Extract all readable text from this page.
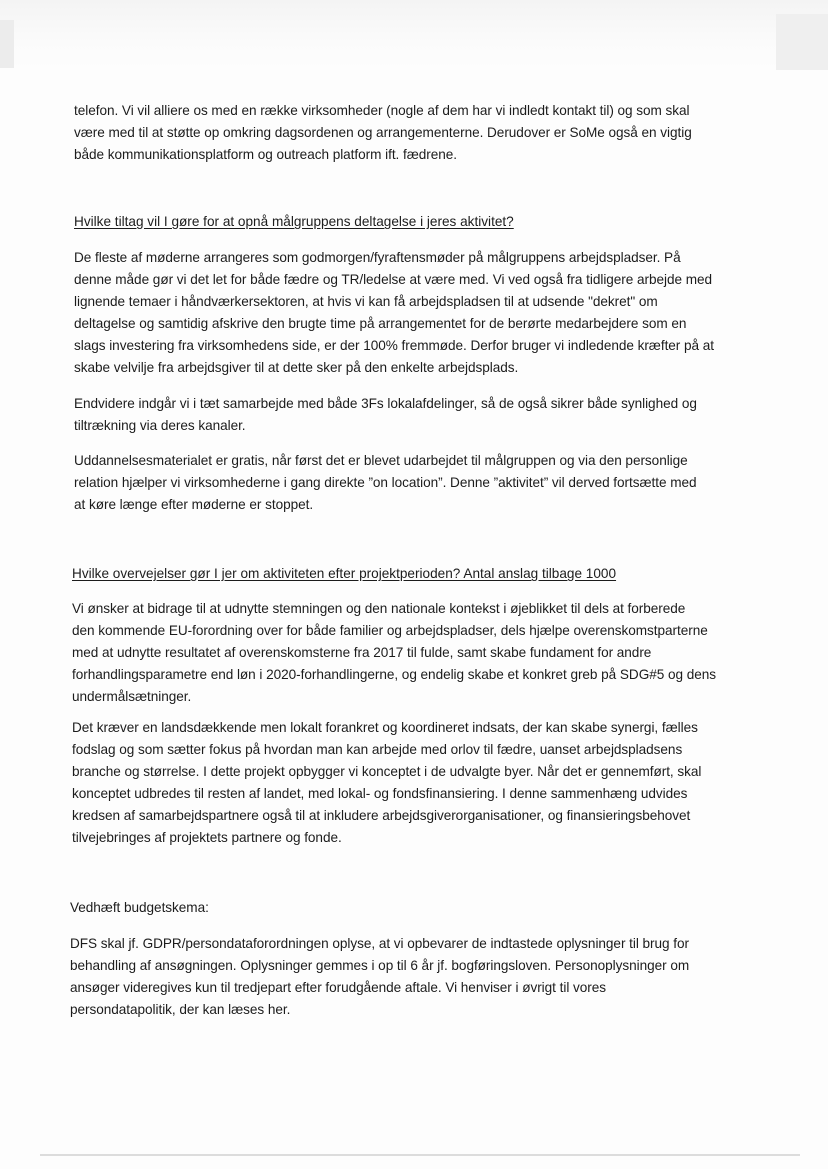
telefon. Vi vil alliere os med en række virksomheder (nogle af dem har vi indledt kontakt til) og som skal
være med til at støtte op omkring dagsordenen og arrangementerne. Derudover er SoMe også en vigtig
både kommunikationsplatform og outreach platform ift. fædrene.
Hvilke tiltag vil I gøre for at opnå målgruppens deltagelse i jeres aktivitet?
De fleste af møderne arrangeres som godmorgen/fyraftensmøder på målgruppens arbejdspladser. På
denne måde gør vi det let for både fædre og TR/ledelse at være med. Vi ved også fra tidligere arbejde med
lignende temaer i håndværkersektoren, at hvis vi kan få arbejdspladsen til at udsende "dekret" om
deltagelse og samtidig afskrive den brugte time på arrangementet for de berørte medarbejdere som en
slags investering fra virksomhedens side, er der 100% fremmøde. Derfor bruger vi indledende kræfter på at
skabe velvilje fra arbejdsgiver til at dette sker på den enkelte arbejdsplads.
Endvidere indgår vi i tæt samarbejde med både 3Fs lokalafdelinger, så de også sikrer både synlighed og
tiltrækning via deres kanaler.
Uddannelsesmaterialet er gratis, når først det er blevet udarbejdet til målgruppen og via den personlige
relation hjælper vi virksomhederne i gang direkte ”on location”. Denne ”aktivitet” vil derved fortsætte med
at køre længe efter møderne er stoppet.
Hvilke overvejelser gør I jer om aktiviteten efter projektperioden? Antal anslag tilbage 1000
Vi ønsker at bidrage til at udnytte stemningen og den nationale kontekst i øjeblikket til dels at forberede
den kommende EU-forordning over for både familier og arbejdspladser, dels hjælpe overenskomstparterne
med at udnytte resultatet af overenskomsterne fra 2017 til fulde, samt skabe fundament for andre
forhandlingsparametre end løn i 2020-forhandlingerne, og endelig skabe et konkret greb på SDG#5 og dens
undermålsætninger.
Det kræver en landsdækkende men lokalt forankret og koordineret indsats, der kan skabe synergi, fælles
fodslag og som sætter fokus på hvordan man kan arbejde med orlov til fædre, uanset arbejdspladsens
branche og størrelse. I dette projekt opbygger vi konceptet i de udvalgte byer. Når det er gennemført, skal
konceptet udbredes til resten af landet, med lokal- og fondsfinansiering. I denne sammenhæng udvides
kredsen af samarbejdspartnere også til at inkludere arbejdsgiverorganisationer, og finansieringsbehovet
tilvejebringes af projektets partnere og fonde.
Vedhæft budgetskema:
DFS skal jf. GDPR/persondataforordningen oplyse, at vi opbevarer de indtastede oplysninger til brug for
behandling af ansøgningen. Oplysninger gemmes i op til 6 år jf. bogføringsloven. Personoplysninger om
ansøger videregives kun til tredjepart efter forudgående aftale. Vi henviser i øvrigt til vores
persondatapolitik, der kan læses her.
